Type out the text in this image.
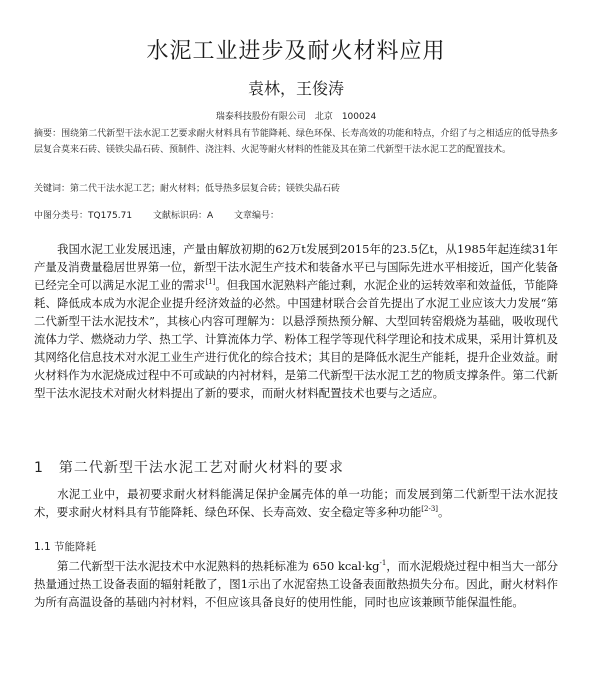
水泥工业进步及耐火材料应用
袁林，王俊涛
瑞泰科技股份有限公司　北京　100024
摘要：围绕第二代新型干法水泥工艺要求耐火材料具有节能降耗、绿色环保、长寿高效的功能和特点，介绍了与之相适应的低导热多层复合莫来石砖、镁铁尖晶石砖、预制件、浇注料、火泥等耐火材料的性能及其在第二代新型干法水泥工艺的配置技术。
关键词：第二代干法水泥工艺；耐火材料；低导热多层复合砖；镁铁尖晶石砖
中图分类号：TQ175.71 文献标识码：A 文章编号：
我国水泥工业发展迅速，产量由解放初期的62万t发展到2015年的23.5亿t，从1985年起连续31年产量及消费量稳居世界第一位，新型干法水泥生产技术和装备水平已与国际先进水平相接近，国产化装备已经完全可以满足水泥工业的需求[1]。但我国水泥熟料产能过剩，水泥企业的运转效率和效益低，节能降耗、降低成本成为水泥企业提升经济效益的必然。中国建材联合会首先提出了水泥工业应该大力发展“第二代新型干法水泥技术”，其核心内容可理解为：以悬浮预热预分解、大型回转窑煅烧为基础，吸收现代流体力学、燃烧动力学、热工学、计算流体力学、粉体工程学等现代科学理论和技术成果，采用计算机及其网络化信息技术对水泥工业生产进行优化的综合技术；其目的是降低水泥生产能耗，提升企业效益。耐火材料作为水泥烧成过程中不可或缺的内衬材料，是第二代新型干法水泥工艺的物质支撑条件。第二代新型干法水泥技术对耐火材料提出了新的要求，而耐火材料配置技术也要与之适应。
1　第二代新型干法水泥工艺对耐火材料的要求
水泥工业中，最初要求耐火材料能满足保护金属壳体的单一功能；而发展到第二代新型干法水泥技术，要求耐火材料具有节能降耗、绿色环保、长寿高效、安全稳定等多种功能[2-3]。
1.1 节能降耗
第二代新型干法水泥技术中水泥熟料的热耗标准为 650 $kcal\cdot kg^{-1}$，而水泥煅烧过程中相当大一部分热量通过热工设备表面的辐射耗散了，图1示出了水泥窑热工设备表面散热损失分布。因此，耐火材料作为所有高温设备的基础内衬材料，不但应该具备良好的使用性能，同时也应该兼顾节能保温性能。
